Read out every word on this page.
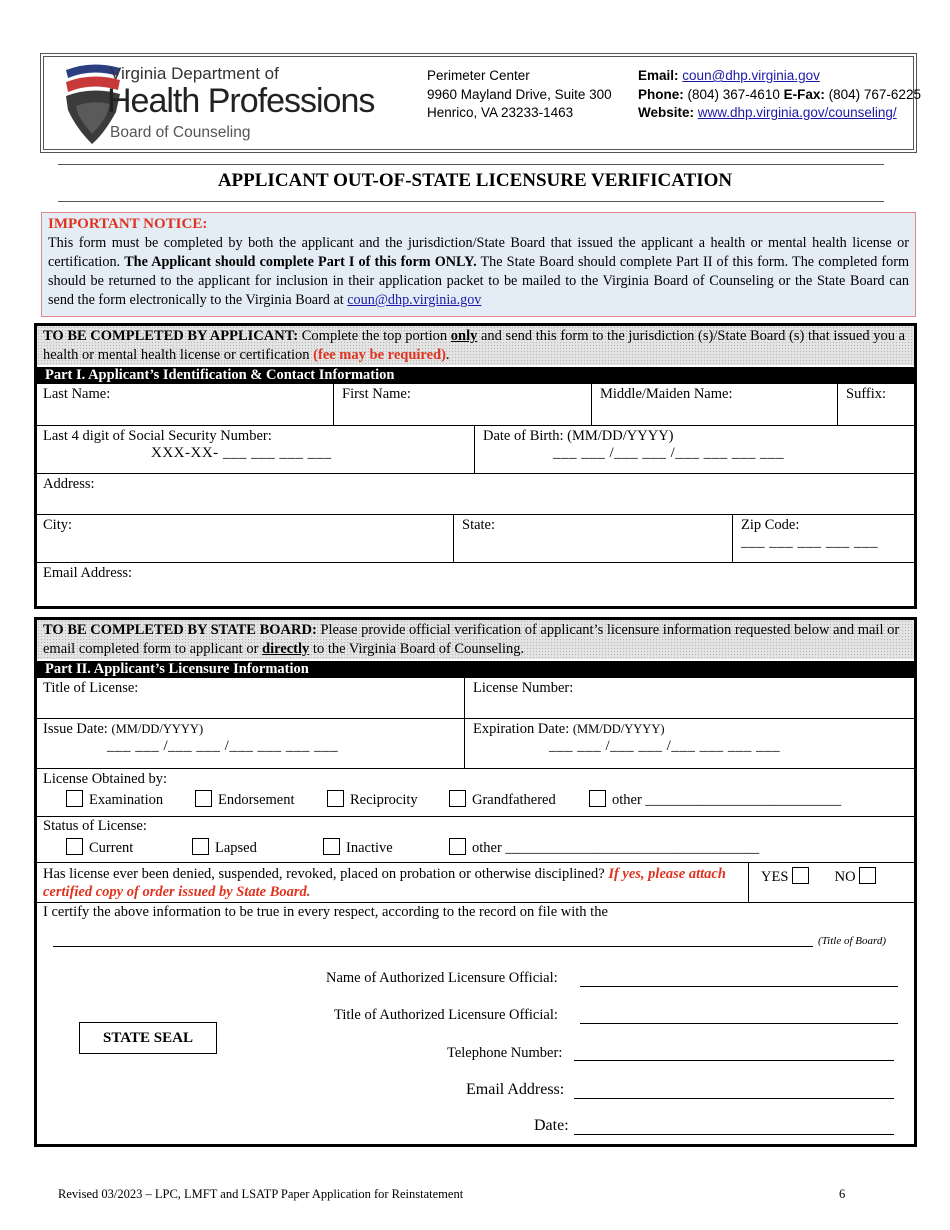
Virginia Department of
Health Professions
Board of Counseling
Perimeter Center
9960 Mayland Drive, Suite 300
Henrico, VA 23233-1463
Email: coun@dhp.virginia.gov
Phone: (804) 367-4610 E-Fax: (804) 767-6225
Website: www.dhp.virginia.gov/counseling/
APPLICANT OUT-OF-STATE LICENSURE VERIFICATION
IMPORTANT NOTICE:
This form must be completed by both the applicant and the jurisdiction/State Board that issued the applicant a health or mental health license or certification. The Applicant should complete Part I of this form ONLY. The State Board should complete Part II of this form. The completed form should be returned to the applicant for inclusion in their application packet to be mailed to the Virginia Board of Counseling or the State Board can send the form electronically to the Virginia Board at coun@dhp.virginia.gov
TO BE COMPLETED BY APPLICANT: Complete the top portion only and send this form to the jurisdiction (s)/State Board (s) that issued you a health or mental health license or certification (fee may be required).
Part I. Applicant’s Identification & Contact Information
Last Name:	First Name:	Middle/Maiden Name:	Suffix:
Last 4 digit of Social Security Number:
XXX-XX- ___ ___ ___ ___
Date of Birth: (MM/DD/YYYY)
___ ___ /___ ___ /___ ___ ___ ___
Address:
City:	State:	Zip Code:
___ ___ ___ ___ ___
Email Address:
TO BE COMPLETED BY STATE BOARD: Please provide official verification of applicant’s licensure information requested below and mail or email completed form to applicant or directly to the Virginia Board of Counseling.
Part II. Applicant’s Licensure Information
Title of License:	License Number:
Issue Date: (MM/DD/YYYY)
___ ___ /___ ___ /___ ___ ___ ___
Expiration Date: (MM/DD/YYYY)
___ ___ /___ ___ /___ ___ ___ ___
License Obtained by:
Examination	Endorsement	Reciprocity	Grandfathered	other ___________________________
Status of License:
Current	Lapsed	Inactive	other ___________________________________
Has license ever been denied, suspended, revoked, placed on probation or otherwise disciplined? If yes, please attach certified copy of order issued by State Board.
YES	NO
I certify the above information to be true in every respect, according to the record on file with the
(Title of Board)
Name of Authorized Licensure Official:
Title of Authorized Licensure Official:
STATE SEAL
Telephone Number:
Email Address:
Date:
Revised 03/2023 – LPC, LMFT and LSATP Paper Application for Reinstatement	6
